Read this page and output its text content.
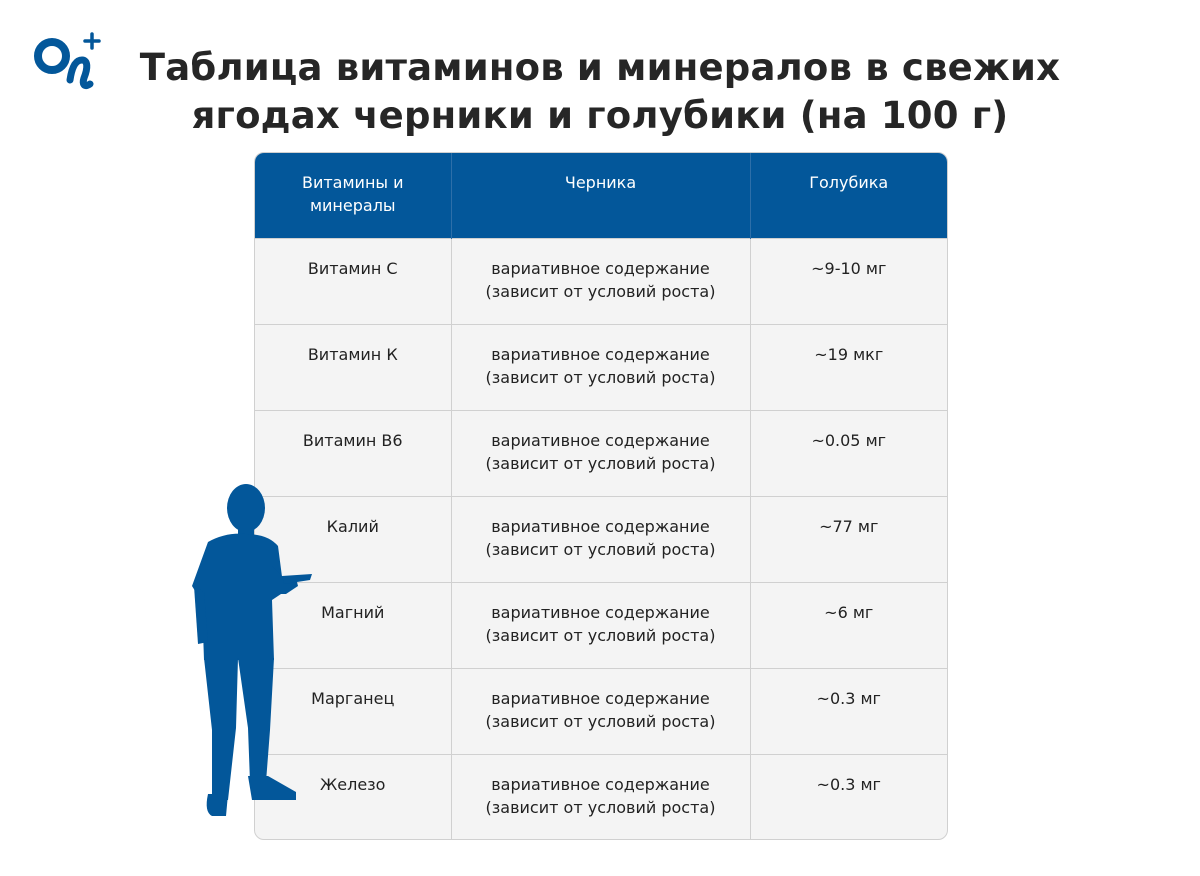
Таблица витаминов и минералов в свежих ягодах черники и голубики (на 100 г)
Витамины и минералы	Черника	Голубика
Витамин С	вариативное содержание (зависит от условий роста)	~9-10 мг
Витамин К	вариативное содержание (зависит от условий роста)	~19 мкг
Витамин В6	вариативное содержание (зависит от условий роста)	~0.05 мг
Калий	вариативное содержание (зависит от условий роста)	~77 мг
Магний	вариативное содержание (зависит от условий роста)	~6 мг
Марганец	вариативное содержание (зависит от условий роста)	~0.3 мг
Железо	вариативное содержание (зависит от условий роста)	~0.3 мг
